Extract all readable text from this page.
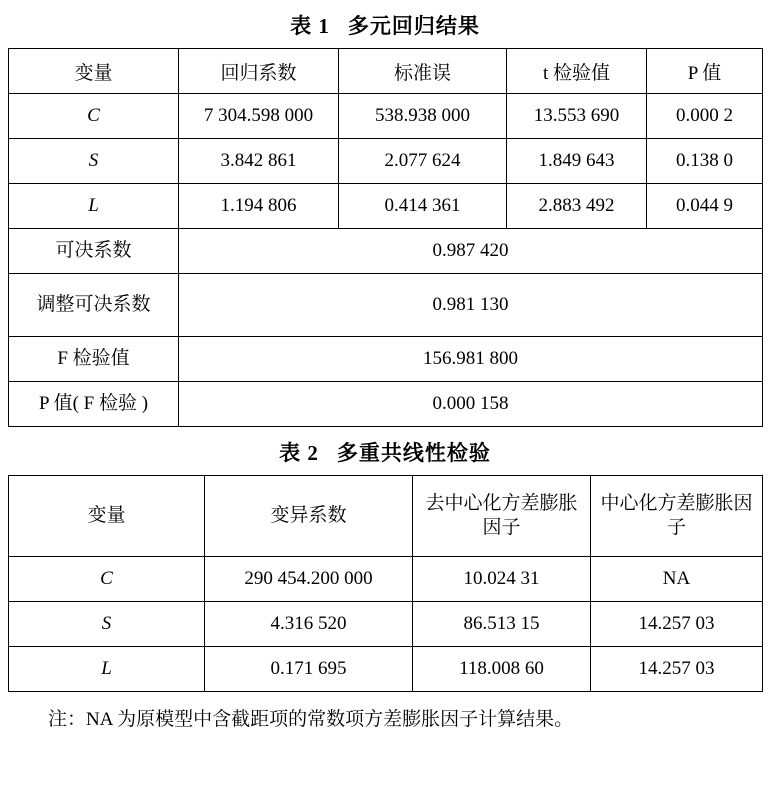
表 1 多元回归结果
变量	回归系数	标准误	t 检验值	P 值
C	7 304.598 000	538.938 000	13.553 690	0.000 2
S	3.842 861	2.077 624	1.849 643	0.138 0
L	1.194 806	0.414 361	2.883 492	0.044 9
可决系数	0.987 420			
调整可决系数	0.981 130			
F 检验值	156.981 800			
P 值( F 检验 )	0.000 158			
表 2 多重共线性检验
变量	变异系数	去中心化方差膨胀因子	中心化方差膨胀因子
C	290 454.200 000	10.024 31	NA
S	4.316 520	86.513 15	14.257 03
L	0.171 695	118.008 60	14.257 03
注：NA 为原模型中含截距项的常数项方差膨胀因子计算结果。
